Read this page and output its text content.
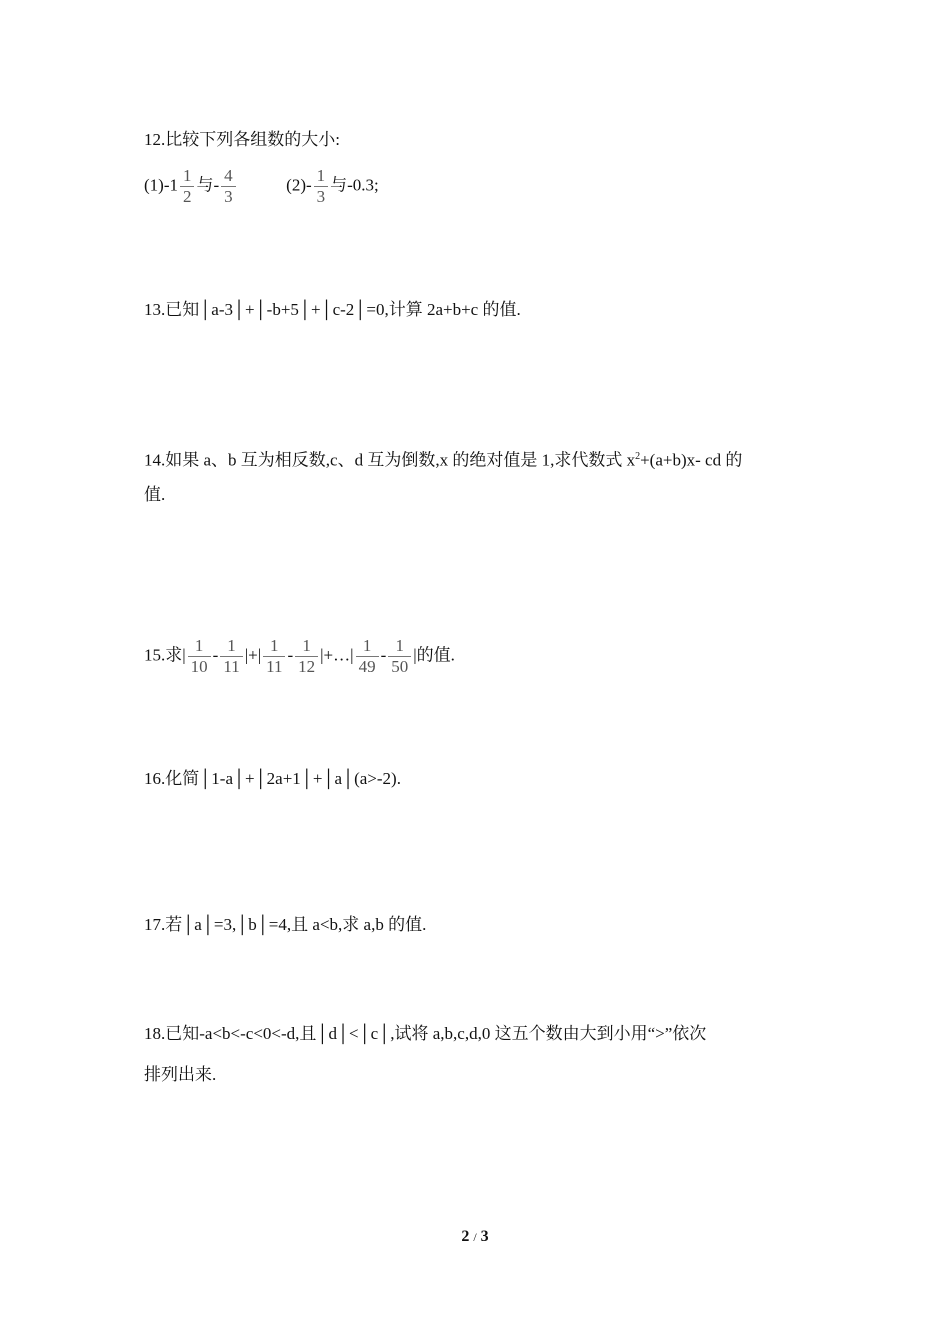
12.比较下列各组数的大小:
$(1)-1 \frac{1}{2}$ 与- $\frac{4}{3}$	$(2)- \frac{1}{3}$ 与-0.3;
13.已知│a-3│+│-b+5│+│c-2│=0,计算 2a+b+c 的值.
14.如果 a、b 互为相反数,c、d 互为倒数,x 的绝对值是 1,求代数式 $x^2+(a+b)x-$ cd 的
值.
15.求| $\frac{1}{10} - \frac{1}{11}$ |+| $\frac{1}{11} - \frac{1}{12}$ |+…| $\frac{1}{49} - \frac{1}{50}$ |的值.
16.化简│1-a│+│2a+1│+│a│(a>-2).
17.若│a│=3,│b│=4,且 a<b,求 a,b 的值.
18.已知-a<b<-c<0<-d,且│d│<│c│,试将 a,b,c,d,0 这五个数由大到小用“>”依次
排列出来.
2 / 3
